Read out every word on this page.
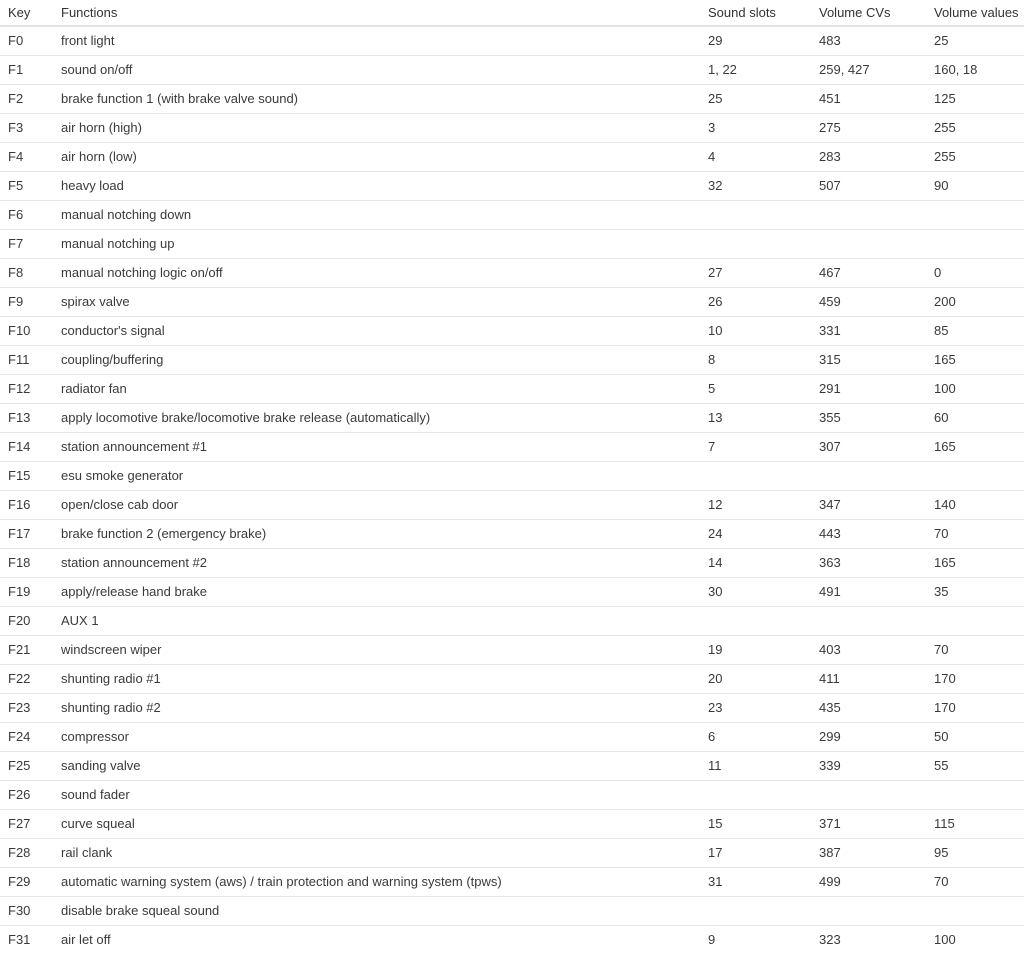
Key	Functions	Sound slots	Volume CVs	Volume values
F0	front light	29	483	25
F1	sound on/off	1, 22	259, 427	160, 18
F2	brake function 1 (with brake valve sound)	25	451	125
F3	air horn (high)	3	275	255
F4	air horn (low)	4	283	255
F5	heavy load	32	507	90
F6	manual notching down			
F7	manual notching up			
F8	manual notching logic on/off	27	467	0
F9	spirax valve	26	459	200
F10	conductor's signal	10	331	85
F11	coupling/buffering	8	315	165
F12	radiator fan	5	291	100
F13	apply locomotive brake/locomotive brake release (automatically)	13	355	60
F14	station announcement #1	7	307	165
F15	esu smoke generator			
F16	open/close cab door	12	347	140
F17	brake function 2 (emergency brake)	24	443	70
F18	station announcement #2	14	363	165
F19	apply/release hand brake	30	491	35
F20	AUX 1			
F21	windscreen wiper	19	403	70
F22	shunting radio #1	20	411	170
F23	shunting radio #2	23	435	170
F24	compressor	6	299	50
F25	sanding valve	11	339	55
F26	sound fader			
F27	curve squeal	15	371	115
F28	rail clank	17	387	95
F29	automatic warning system (aws) / train protection and warning system (tpws)	31	499	70
F30	disable brake squeal sound			
F31	air let off	9	323	100
